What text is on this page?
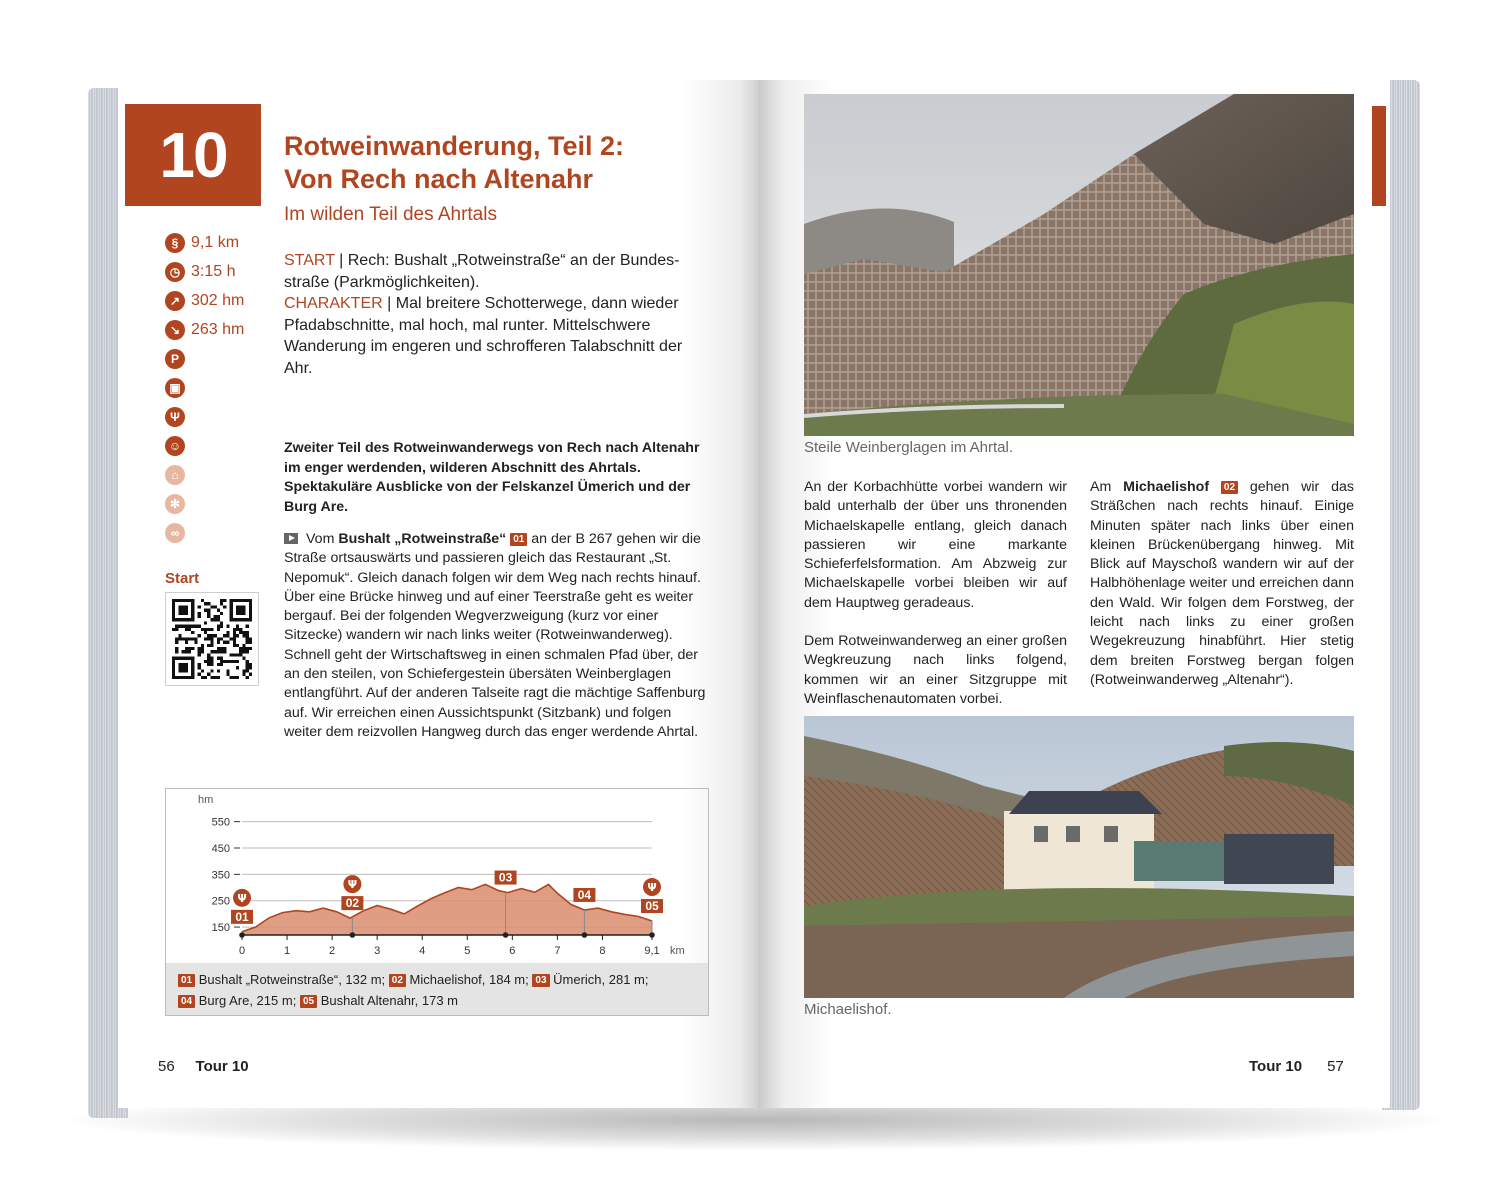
10 Rotweinwanderung, Teil 2:
Von Rech nach Altenahr
Im wilden Teil des Ahrtals
§ 9,1 km
◷ 3:15 h
↗ 302 hm
↘ 263 hm
P
▣
Ψ
☺
⌂
✻
∞
Start
START | Rech: Bushalt „Rotweinstraße“ an der Bundes-straße (Parkmöglichkeiten).
CHARAKTER | Mal breitere Schotterwege, dann wieder Pfadabschnitte, mal hoch, mal runter. Mittelschwere Wanderung im engeren und schrofferen Talabschnitt der Ahr.
Zweiter Teil des Rotweinwanderwegs von Rech nach Altenahr im enger werdenden, wilderen Abschnitt des Ahrtals. Spektakuläre Ausblicke von der Felskanzel Ümerich und der Burg Are.
Vom Bushalt „Rotweinstraße“ 01 an der B 267 gehen wir die Straße ortsauswärts und passieren gleich das Restaurant „St. Nepomuk“. Gleich danach folgen wir dem Weg nach rechts hinauf. Über eine Brücke hinweg und auf einer Teerstraße geht es weiter bergauf. Bei der folgenden Wegverzweigung (kurz vor einer Sitzecke) wandern wir nach links weiter (Rotweinwanderweg). Schnell geht der Wirtschaftsweg in einen schmalen Pfad über, der an den steilen, von Schiefergestein übersäten Weinberglagen entlangführt. Auf der anderen Talseite ragt die mächtige Saffenburg auf. Wir erreichen einen Aussichtspunkt (Sitzbank) und folgen weiter dem reizvollen Hangweg durch das enger werdende Ahrtal.
hm
150
250
350
450
550
0	1	2	3	4	5	6	7	8	9,1 km
01
Ψ	02
Ψ
03
04
05
Ψ
01 Bushalt „Rotweinstraße“, 132 m; 02 Michaelishof, 184 m; 03 Ümerich, 281 m;
04 Burg Are, 215 m; 05 Bushalt Altenahr, 173 m
56 Tour 10
Steile Weinberglagen im Ahrtal.
An der Korbachhütte vorbei wandern wir bald unterhalb der über uns thronenden Michaelskapelle entlang, gleich danach passieren wir eine markante Schieferfelsformation. Am Abzweig zur Michaelskapelle vorbei bleiben wir auf dem Hauptweg geradeaus.
Dem Rotweinwanderweg an einer großen Wegkreuzung nach links folgend, kommen wir an einer Sitzgruppe mit Weinflaschenautomaten vorbei.
Am Michaelishof 02 gehen wir das Sträßchen nach rechts hinauf. Einige Minuten später nach links über einen kleinen Brückenübergang hinweg. Mit Blick auf Mayschoß wandern wir auf der Halbhöhenlage weiter und erreichen dann den Wald. Wir folgen dem Forstweg, der leicht nach links zu einer großen Wegekreuzung hinabführt. Hier stetig dem breiten Forstweg bergan folgen (Rotweinwanderweg „Altenahr“).
Michaelishof.
Tour 10 57
